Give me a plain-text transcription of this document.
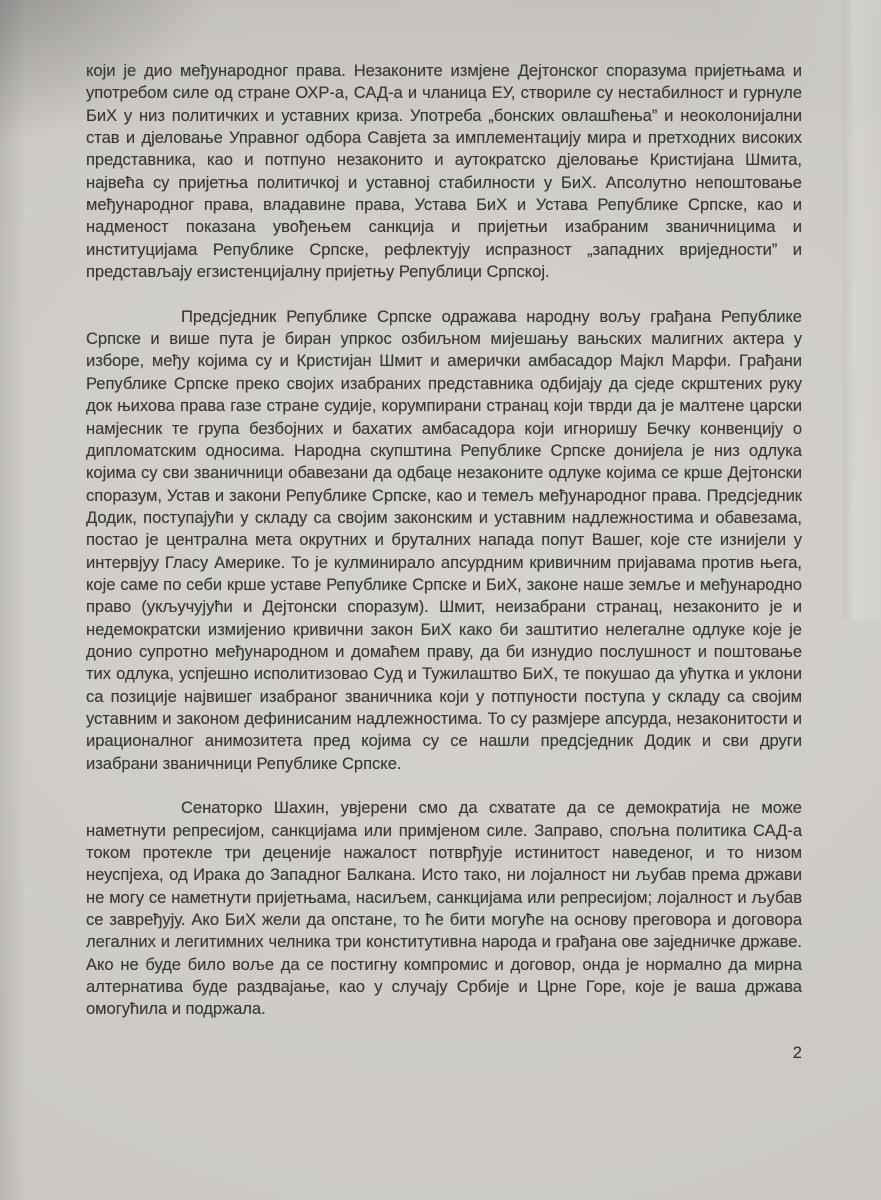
који је дио међународног права. Незаконите измјене Дејтонског споразума пријетњама и употребом силе од стране ОХР-а, САД-а и чланица ЕУ, створиле су нестабилност и гурнуле БиХ у низ политичких и уставних криза. Употреба „бонских овлашћења” и неоколонијални став и дјеловање Управног одбора Савјета за имплементацију мира и претходних високих представника, као и потпуно незаконито и аутократско дјеловање Кристијана Шмита, највећа су пријетња политичкој и уставној стабилности у БиХ. Апсолутно непоштовање међународног права, владавине права, Устава БиХ и Устава Републике Српске, као и надменост показана увођењем санкција и пријетњи изабраним званичницима и институцијама Републике Српске, рефлектују испразност „западних вриједности” и представљају егзистенцијалну пријетњу Републици Српској.

Предсједник Републике Српске одражава народну вољу грађана Републике Српске и више пута је биран упркос озбиљном мијешању вањских малигних актера у изборе, међу којима су и Кристијан Шмит и амерички амбасадор Мајкл Марфи. Грађани Републике Српске преко својих изабраних представника одбијају да сједе скрштених руку док њихова права газе стране судије, корумпирани странац који тврди да је малтене царски намјесник те група безбојних и бахатих амбасадора који игноришу Бечку конвенцију о дипломатским односима. Народна скупштина Републике Српске донијела је низ одлука којима су сви званичници обавезани да одбаце незаконите одлуке којима се крше Дејтонски споразум, Устав и закони Републике Српске, као и темељ међународног права. Предсједник Додик, поступајући у складу са својим законским и уставним надлежностима и обавезама, постао је централна мета окрутних и бруталних напада попут Вашег, које сте изнијели у интервјуу Гласу Америке. То је кулминирало апсурдним кривичним пријавама против њега, које саме по себи крше уставе Републике Српске и БиХ, законе наше земље и међународно право (укључујући и Дејтонски споразум). Шмит, неизабрани странац, незаконито је и недемократски измијенио кривични закон БиХ како би заштитио нелегалне одлуке које је донио супротно међународном и домаћем праву, да би изнудио послушност и поштовање тих одлука, успјешно исполитизовао Суд и Тужилаштво БиХ, те покушао да ућутка и уклони са позиције највишег изабраног званичника који у потпуности поступа у складу са својим уставним и законом дефинисаним надлежностима. То су размјере апсурда, незаконитости и ирационалног анимозитета пред којима су се нашли предсједник Додик и сви други изабрани званичници Републике Српске.

Сенаторко Шахин, увјерени смо да схватате да се демократија не може наметнути репресијом, санкцијама или примјеном силе. Заправо, спољна политика САД-а током протекле три деценије нажалост потврђује истинитост наведеног, и то низом неуспјеха, од Ирака до Западног Балкана. Исто тако, ни лојалност ни љубав према држави не могу се наметнути пријетњама, насиљем, санкцијама или репресијом; лојалност и љубав се завређују. Ако БиХ жели да опстане, то ће бити могуће на основу преговора и договора легалних и легитимних челника три конститутивна народа и грађана ове заједничке државе. Ако не буде било воље да се постигну компромис и договор, онда је нормално да мирна алтернатива буде раздвајање, као у случају Србије и Црне Горе, које је ваша држава омогућила и подржала.

2
